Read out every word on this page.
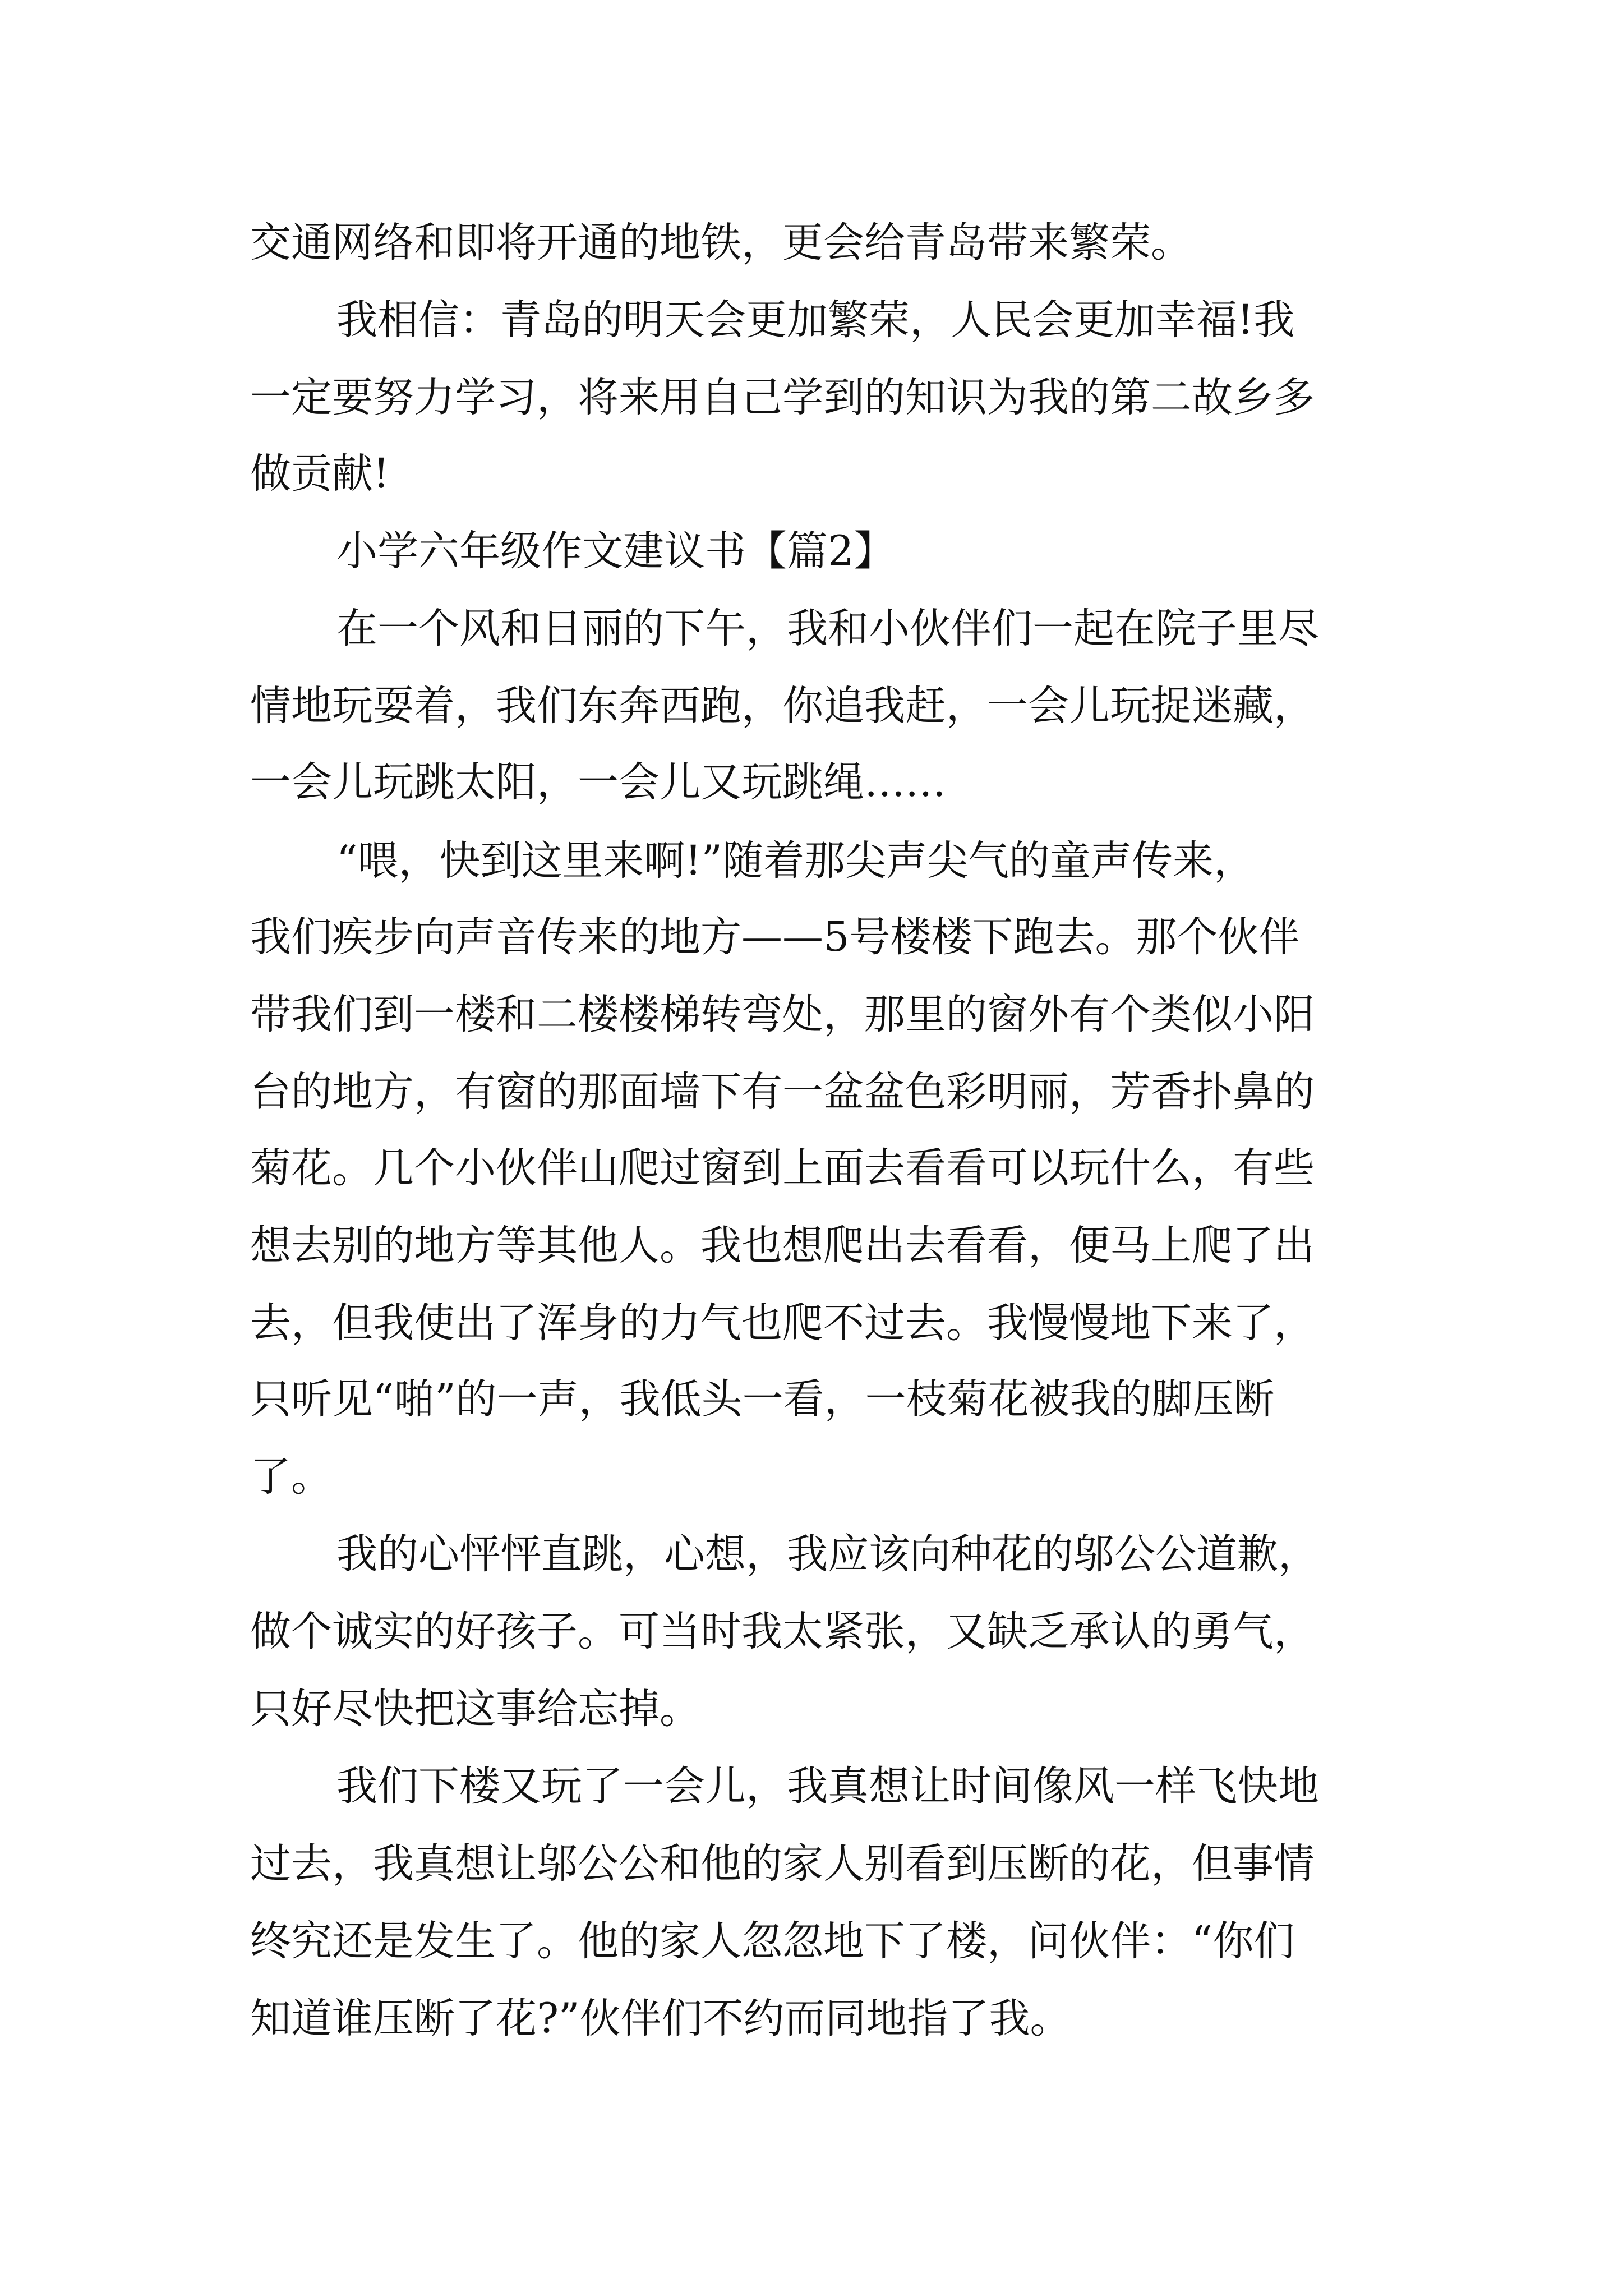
交通网络和即将开通的地铁，更会给青岛带来繁荣。

我相信：青岛的明天会更加繁荣，人民会更加幸福!我

一定要努力学习，将来用自己学到的知识为我的第二故乡多

做贡献!

小学六年级作文建议书【篇2】

在一个风和日丽的下午，我和小伙伴们一起在院子里尽

情地玩耍着，我们东奔西跑，你追我赶，一会儿玩捉迷藏，

一会儿玩跳太阳，一会儿又玩跳绳……

“喂，快到这里来啊!”随着那尖声尖气的童声传来，

我们疾步向声音传来的地方——5号楼楼下跑去。那个伙伴

带我们到一楼和二楼楼梯转弯处，那里的窗外有个类似小阳

台的地方，有窗的那面墙下有一盆盆色彩明丽，芳香扑鼻的

菊花。几个小伙伴山爬过窗到上面去看看可以玩什么，有些

想去别的地方等其他人。我也想爬出去看看，便马上爬了出

去，但我使出了浑身的力气也爬不过去。我慢慢地下来了，

只听见“啪”的一声，我低头一看，一枝菊花被我的脚压断

了。

我的心怦怦直跳，心想，我应该向种花的邬公公道歉，

做个诚实的好孩子。可当时我太紧张，又缺乏承认的勇气，

只好尽快把这事给忘掉。

我们下楼又玩了一会儿，我真想让时间像风一样飞快地

过去，我真想让邬公公和他的家人别看到压断的花，但事情

终究还是发生了。他的家人忽忽地下了楼，问伙伴：“你们

知道谁压断了花?”伙伴们不约而同地指了我。
